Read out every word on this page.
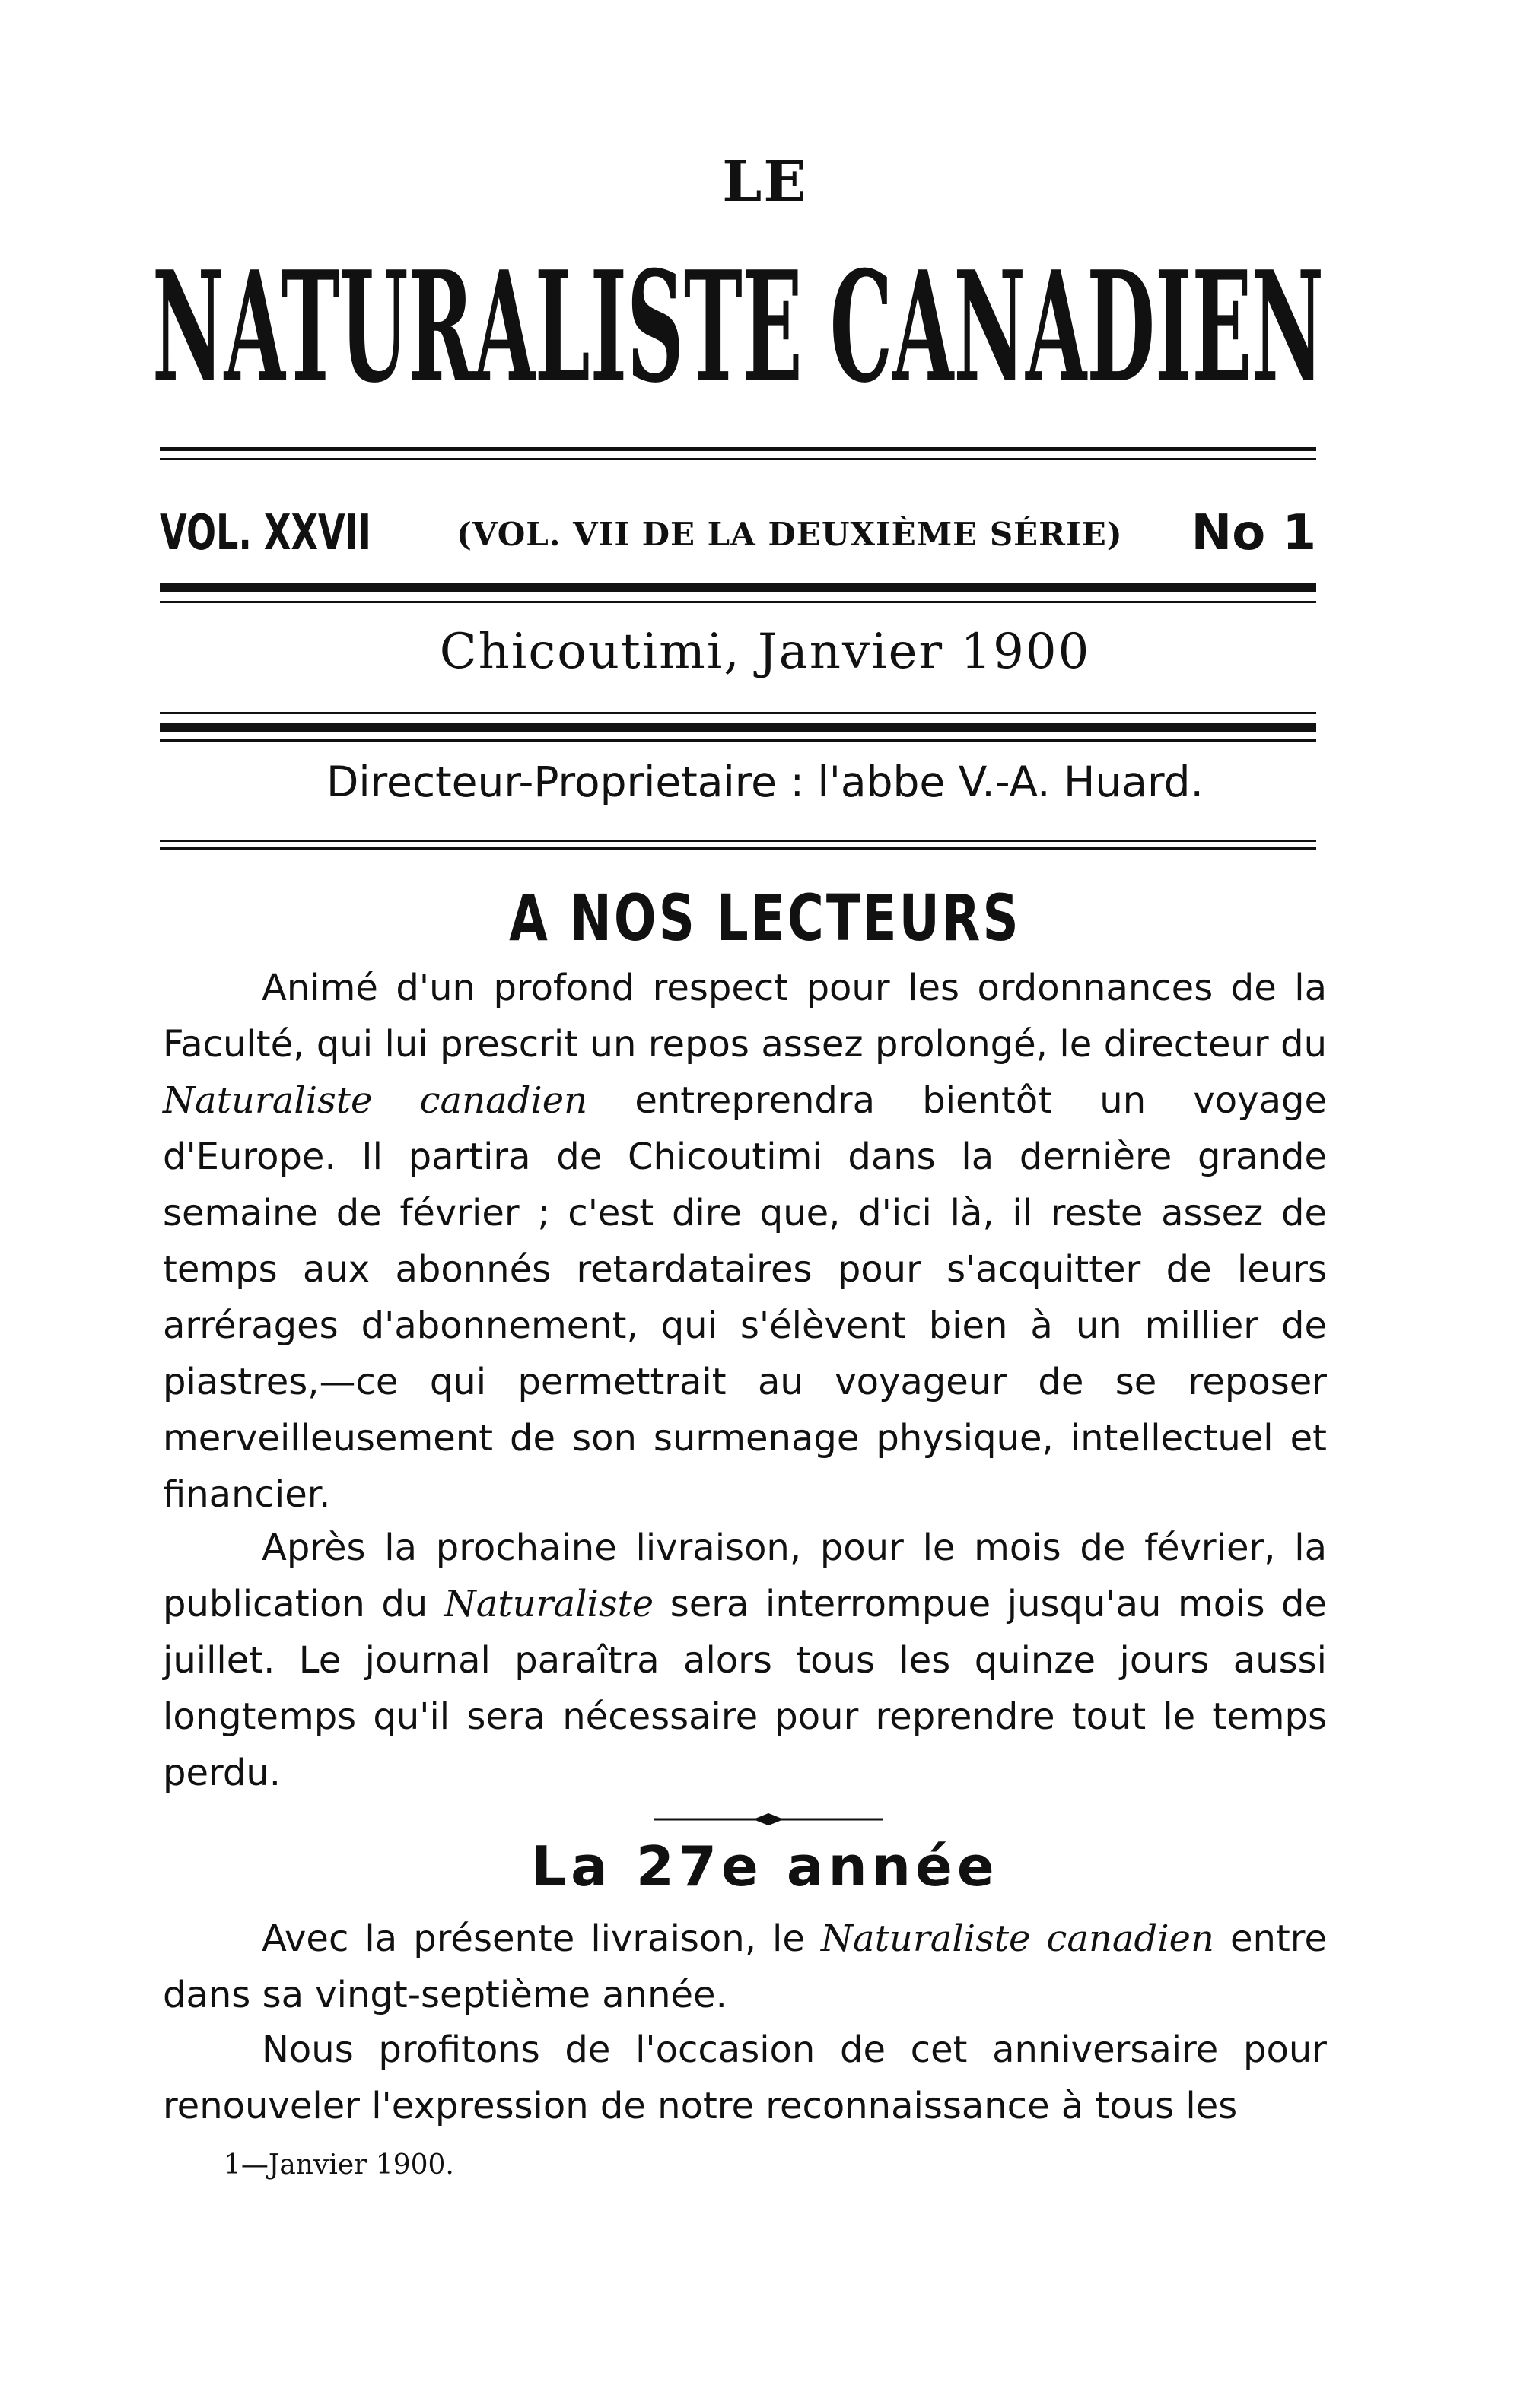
LE
NATURALISTE CANADIEN
VOL. XXVII	(VOL. VII DE LA DEUXIÈME SÉRIE) No 1
Chicoutimi, Janvier 1900
Directeur-Proprietaire : l'abbe V.-A. Huard.
A NOS LECTEURS
Animé d'un profond respect pour les ordonnances de la Faculté, qui lui prescrit un repos assez prolongé, le directeur du Naturaliste canadien entreprendra bientôt un voyage d'Europe. Il partira de Chicoutimi dans la dernière grande semaine de février ; c'est dire que, d'ici là, il reste assez de temps aux abonnés retardataires pour s'acquitter de leurs arrérages d'abonnement, qui s'élèvent bien à un millier de piastres,—ce qui permettrait au voyageur de se reposer merveilleusement de son surmenage physique, intellectuel et financier.
Après la prochaine livraison, pour le mois de février, la publication du Naturaliste sera interrompue jusqu'au mois de juillet. Le journal paraîtra alors tous les quinze jours aussi longtemps qu'il sera nécessaire pour reprendre tout le temps perdu.
La 27e année
Avec la présente livraison, le Naturaliste canadien entre dans sa vingt-septième année.
Nous profitons de l'occasion de cet anniversaire pour renouveler l'expression de notre reconnaissance à tous les
1—Janvier 1900.
